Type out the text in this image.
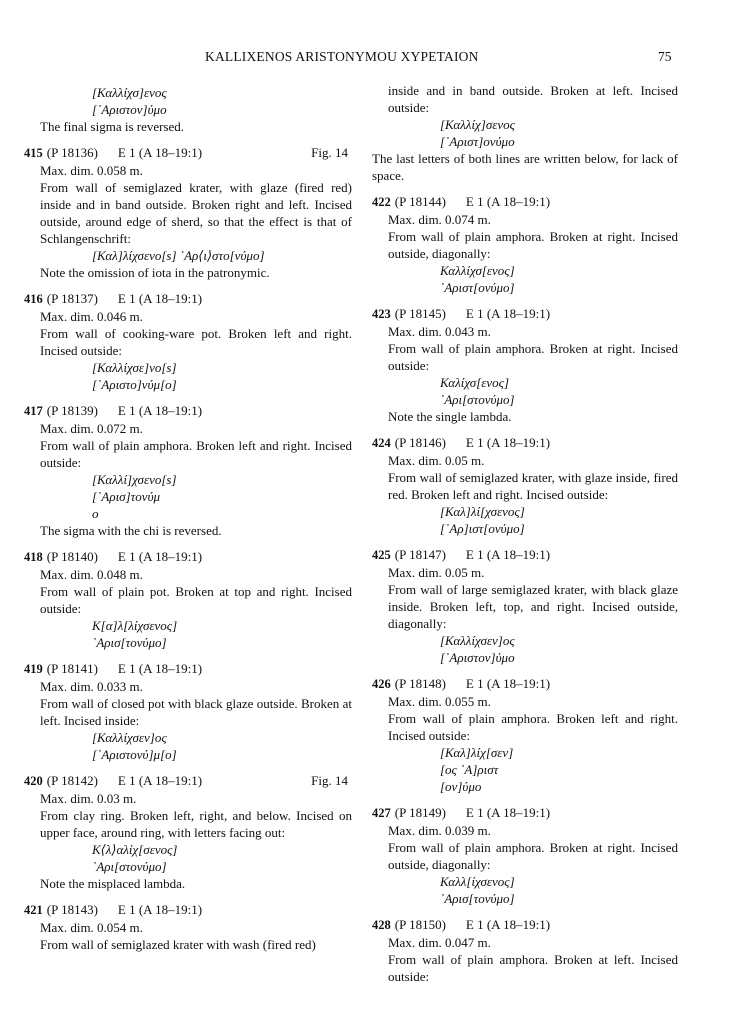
KALLIXENOS ARISTONYMOU XYPETAION	75
[Καλλίχσ]ενος
[᾿Αριστον]ύμο

The final sigma is reversed.

415 (P 18136) E 1 (A 18–19:1)	Fig. 14

Max. dim. 0.058 m.

From wall of semiglazed krater, with glaze (fired red) inside and in band outside. Broken right and left. Incised outside, around edge of sherd, so that the effect is that of Schlangenschrift:

[Καλ]λίχσενο[s] ᾿Αρ⟨ι⟩στο[νύμο]

Note the omission of iota in the patronymic.

416 (P 18137) E 1 (A 18–19:1)

Max. dim. 0.046 m.

From wall of cooking-ware pot. Broken left and right. Incised outside:

[Καλλίχσε]νο[s]
[᾿Αριστο]νύμ[ο]
417 (P 18139) E 1 (A 18–19:1)

Max. dim. 0.072 m.

From wall of plain amphora. Broken left and right. Incised outside:

[Καλλί]χσενο[s]
[᾿Αρισ]τονύμ
ο

The sigma with the chi is reversed.

418 (P 18140) E 1 (A 18–19:1)

Max. dim. 0.048 m.

From wall of plain pot. Broken at top and right. Incised outside:

Κ[α]λ[λίχσενος]
᾿Αρισ[τονύμο]
419 (P 18141) E 1 (A 18–19:1)

Max. dim. 0.033 m.

From wall of closed pot with black glaze outside. Broken at left. Incised inside:

[Καλλίχσεν]ος
[᾿Αριστονύ]μ[ο]
420 (P 18142) E 1 (A 18–19:1)	Fig. 14

Max. dim. 0.03 m.

From clay ring. Broken left, right, and below. Incised on upper face, around ring, with letters facing out:

Κ⟨λ⟩αλίχ[σενος]
᾿Αρι[στονύμο]

Note the misplaced lambda.

421 (P 18143) E 1 (A 18–19:1)

Max. dim. 0.054 m.

From wall of semiglazed krater with wash (fired red)

inside and in band outside. Broken at left. Incised outside:

[Καλλίχ]σενος
[᾿Αριστ]ονύμο

The last letters of both lines are written below, for lack of space.

422 (P 18144) E 1 (A 18–19:1)

Max. dim. 0.074 m.

From wall of plain amphora. Broken at right. Incised outside, diagonally:

Καλλίχσ[ενος]
᾿Αριστ[ονύμο]
423 (P 18145) E 1 (A 18–19:1)

Max. dim. 0.043 m.

From wall of plain amphora. Broken at right. Incised outside:

Καλίχσ[ενος]
᾿Αρι[στονύμο]

Note the single lambda.

424 (P 18146) E 1 (A 18–19:1)

Max. dim. 0.05 m.

From wall of semiglazed krater, with glaze inside, fired red. Broken left and right. Incised outside:

[Καλ]λί[χσενος]
[᾿Αρ]ιστ[ονύμο]
425 (P 18147) E 1 (A 18–19:1)

Max. dim. 0.05 m.

From wall of large semiglazed krater, with black glaze inside. Broken left, top, and right. Incised outside, diagonally:

[Καλλίχσεν]ος
[᾿Αριστον]ύμο
426 (P 18148) E 1 (A 18–19:1)

Max. dim. 0.055 m.

From wall of plain amphora. Broken left and right. Incised outside:

[Καλ]λίχ[σεν]
[ος ᾿Α]ριστ
[ον]ύμο
427 (P 18149) E 1 (A 18–19:1)

Max. dim. 0.039 m.

From wall of plain amphora. Broken at right. Incised outside, diagonally:

Καλλ[ίχσενος]
᾿Αρισ[τονύμο]
428 (P 18150) E 1 (A 18–19:1)

Max. dim. 0.047 m.

From wall of plain amphora. Broken at left. Incised outside:
